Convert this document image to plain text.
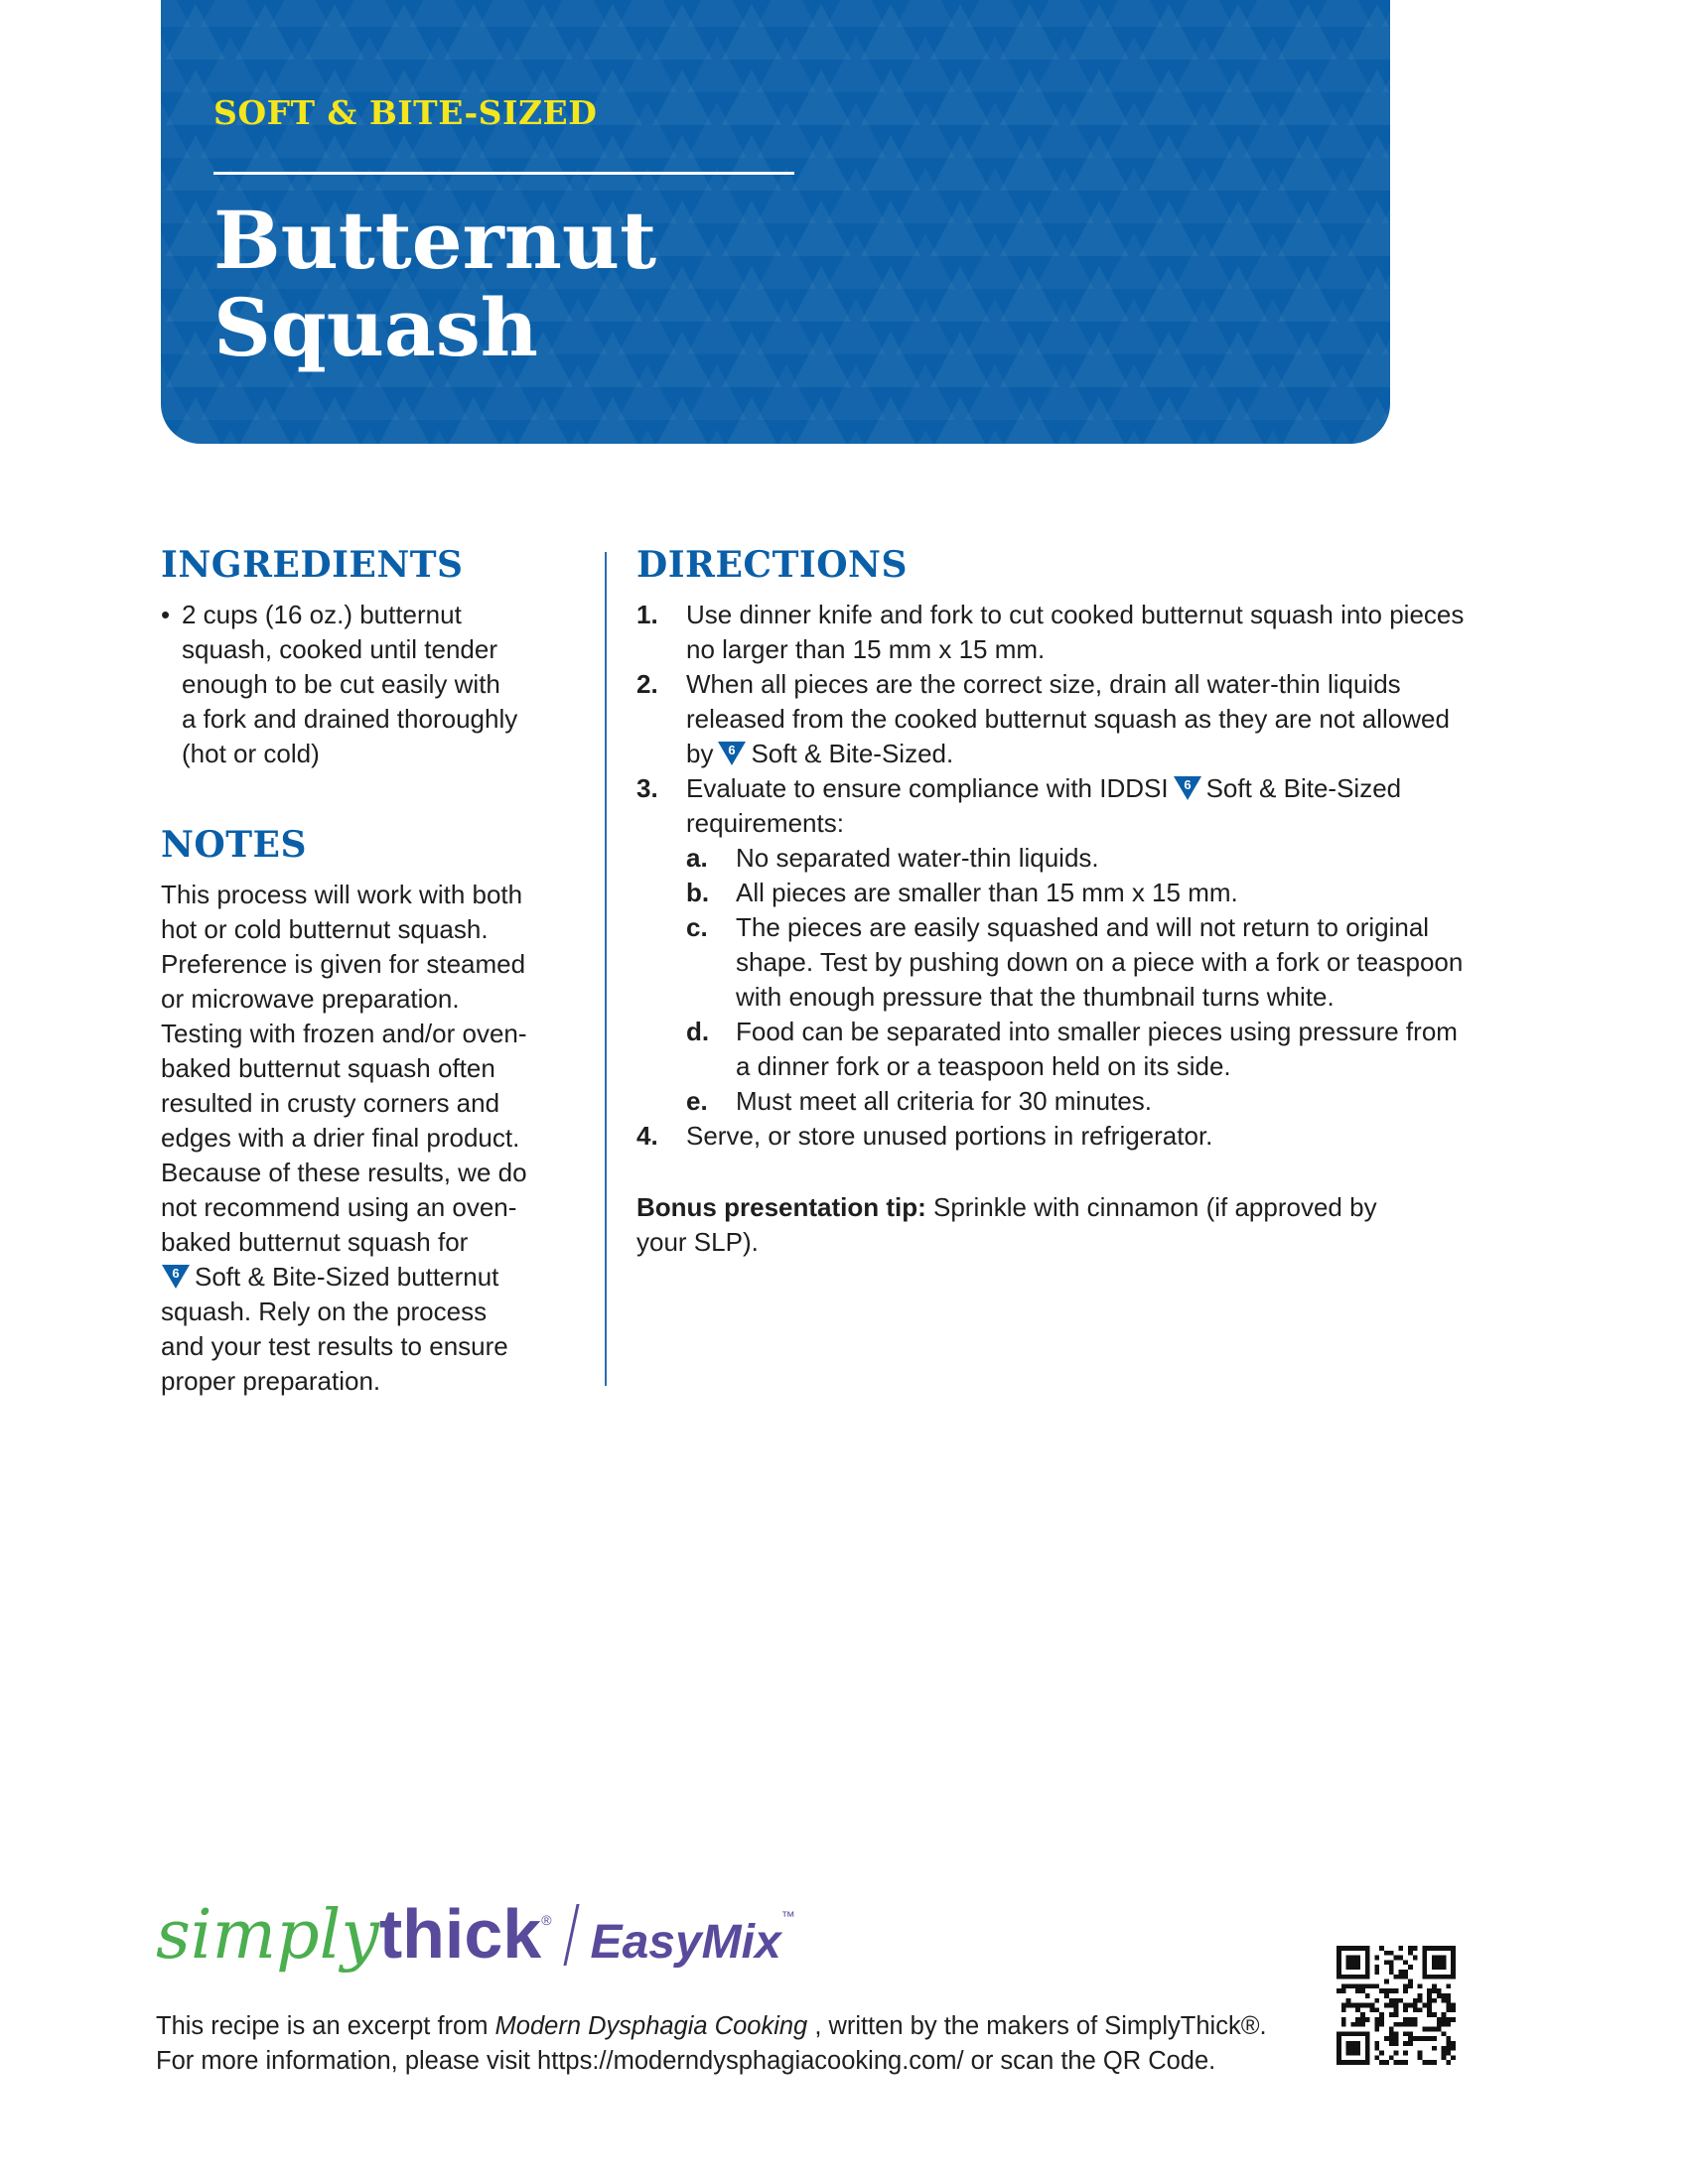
SOFT & BITE-SIZED

Butternut
Squash
INGREDIENTS
• 2 cups (16 oz.) butternut
squash, cooked until tender
enough to be cut easily with
a fork and drained thoroughly
(hot or cold)
NOTES

This process will work with both
hot or cold butternut squash.
Preference is given for steamed
or microwave preparation.
Testing with frozen and/or oven-
baked butternut squash often
resulted in crusty corners and
edges with a drier final product.
Because of these results, we do
not recommend using an oven-
baked butternut squash for

6 Soft & Bite-Sized butternut
squash. Rely on the process
and your test results to ensure
proper preparation.

DIRECTIONS
1. Use dinner knife and fork to cut cooked butternut squash into pieces
no larger than 15 mm x 15 mm.
2. When all pieces are the correct size, drain all water-thin liquids
released from the cooked butternut squash as they are not allowed
by 6 Soft & Bite-Sized.
3. Evaluate to ensure compliance with IDDSI 6 Soft & Bite-Sized
requirements:
a. No separated water-thin liquids.
b. All pieces are smaller than 15 mm x 15 mm.
c. The pieces are easily squashed and will not return to original
shape. Test by pushing down on a piece with a fork or teaspoon
with enough pressure that the thumbnail turns white.
d. Food can be separated into smaller pieces using pressure from
a dinner fork or a teaspoon held on its side.
e. Must meet all criteria for 30 minutes.
4. Serve, or store unused portions in refrigerator.

Bonus presentation tip: Sprinkle with cinnamon (if approved by
your SLP).

simplythick® EasyMix™
This recipe is an excerpt from Modern Dysphagia Cooking , written by the makers of SimplyThick®.
For more information, please visit https://moderndysphagiacooking.com/ or scan the QR Code.
